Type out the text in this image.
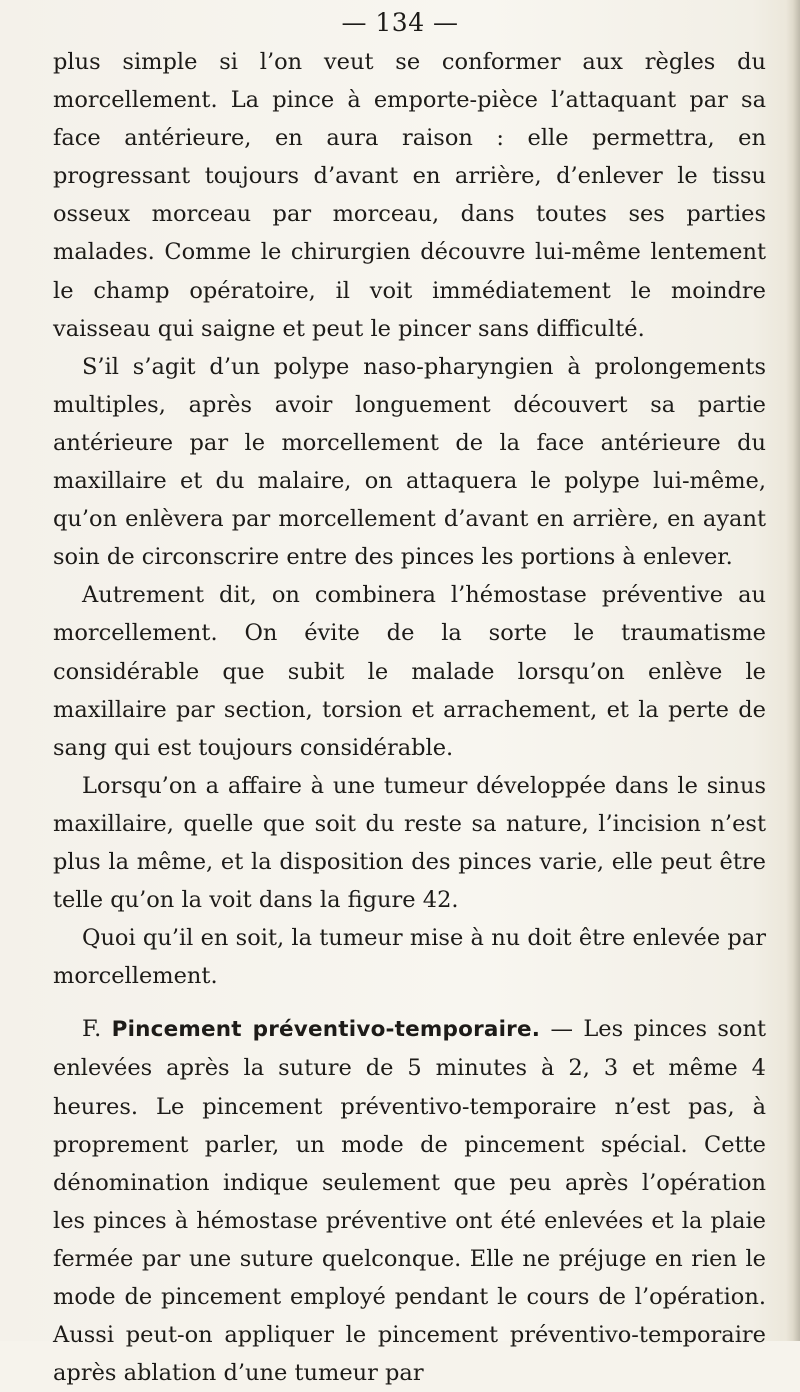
— 134 —

plus simple si l’on veut se conformer aux règles du morcellement. La pince à emporte-pièce l’attaquant par sa face antérieure, en aura raison : elle permettra, en progressant toujours d’avant en arrière, d’enlever le tissu osseux morceau par morceau, dans toutes ses parties malades. Comme le chirurgien découvre lui-même lentement le champ opératoire, il voit immédiatement le moindre vaisseau qui saigne et peut le pincer sans difficulté.

S’il s’agit d’un polype naso-pharyngien à prolongements multiples, après avoir longuement découvert sa partie antérieure par le morcellement de la face antérieure du maxillaire et du malaire, on attaquera le polype lui-même, qu’on enlèvera par morcellement d’avant en arrière, en ayant soin de circonscrire entre des pinces les portions à enlever.

Autrement dit, on combinera l’hémostase préventive au morcellement. On évite de la sorte le traumatisme considérable que subit le malade lorsqu’on enlève le maxillaire par section, torsion et arrachement, et la perte de sang qui est toujours considérable.

Lorsqu’on a affaire à une tumeur développée dans le sinus maxillaire, quelle que soit du reste sa nature, l’incision n’est plus la même, et la disposition des pinces varie, elle peut être telle qu’on la voit dans la figure 42.

Quoi qu’il en soit, la tumeur mise à nu doit être enlevée par morcellement.

F. Pincement préventivo-temporaire. — Les pinces sont enlevées après la suture de 5 minutes à 2, 3 et même 4 heures. Le pincement préventivo-temporaire n’est pas, à proprement parler, un mode de pincement spécial. Cette dénomination indique seulement que peu après l’opération les pinces à hémostase préventive ont été enlevées et la plaie fermée par une suture quelconque. Elle ne préjuge en rien le mode de pincement employé pendant le cours de l’opération. Aussi peut-on appliquer le pincement préventivo-temporaire après ablation d’une tumeur par
